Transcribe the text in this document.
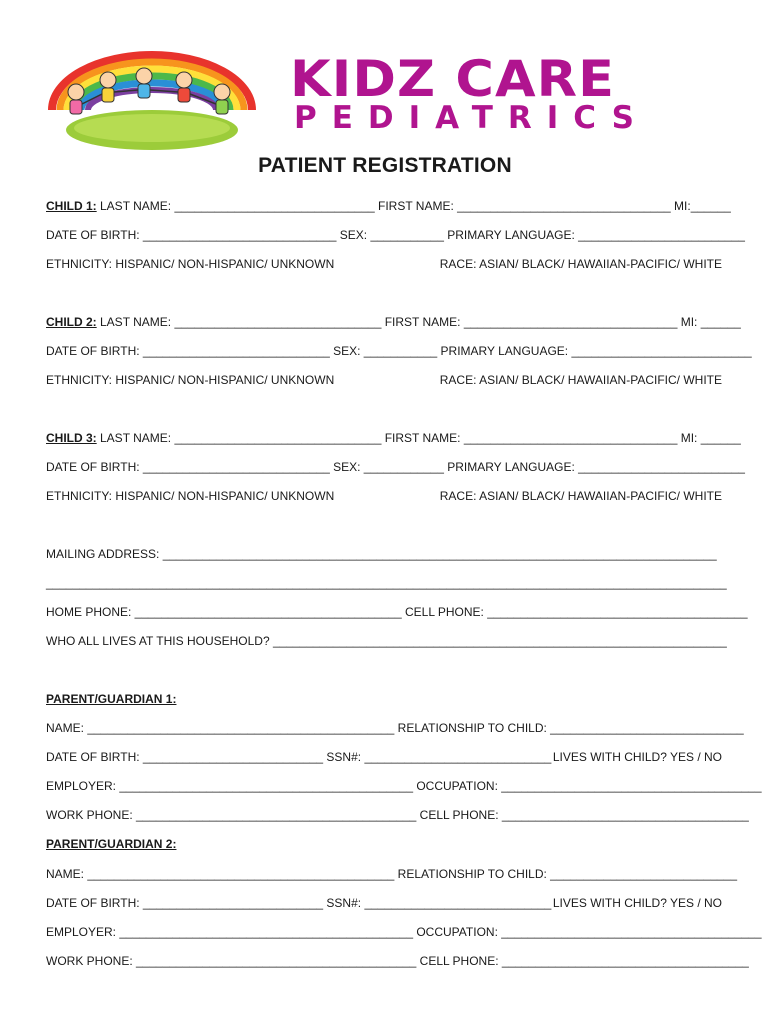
KIDZ CARE
PEDIATRICS
PATIENT REGISTRATION
CHILD 1: LAST NAME: ______________________________ FIRST NAME: ________________________________ MI:______
DATE OF BIRTH: _____________________________ SEX: ___________ PRIMARY LANGUAGE: _________________________
ETHNICITY: HISPANIC/ NON-HISPANIC/ UNKNOWN	RACE: ASIAN/ BLACK/ HAWAIIAN-PACIFIC/ WHITE
CHILD 2: LAST NAME: _______________________________ FIRST NAME: ________________________________ MI: ______
DATE OF BIRTH: ____________________________ SEX: ___________ PRIMARY LANGUAGE: ___________________________
ETHNICITY: HISPANIC/ NON-HISPANIC/ UNKNOWN	RACE: ASIAN/ BLACK/ HAWAIIAN-PACIFIC/ WHITE
CHILD 3: LAST NAME: _______________________________ FIRST NAME: ________________________________ MI: ______
DATE OF BIRTH: ____________________________ SEX: ____________ PRIMARY LANGUAGE: _________________________
ETHNICITY: HISPANIC/ NON-HISPANIC/ UNKNOWN	RACE: ASIAN/ BLACK/ HAWAIIAN-PACIFIC/ WHITE
MAILING ADDRESS: ___________________________________________________________________________________
______________________________________________________________________________________________________
HOME PHONE: ________________________________________ CELL PHONE: _______________________________________
WHO ALL LIVES AT THIS HOUSEHOLD? ____________________________________________________________________
PARENT/GUARDIAN 1:
NAME: ______________________________________________ RELATIONSHIP TO CHILD: _____________________________
DATE OF BIRTH: ___________________________ SSN#: ____________________________ LIVES WITH CHILD? YES / NO
EMPLOYER: ____________________________________________ OCCUPATION: _______________________________________
WORK PHONE: __________________________________________ CELL PHONE: _____________________________________
PARENT/GUARDIAN 2:
NAME: ______________________________________________ RELATIONSHIP TO CHILD: ____________________________
DATE OF BIRTH: ___________________________ SSN#: ____________________________ LIVES WITH CHILD? YES / NO
EMPLOYER: ____________________________________________ OCCUPATION: _______________________________________
WORK PHONE: __________________________________________ CELL PHONE: _____________________________________
